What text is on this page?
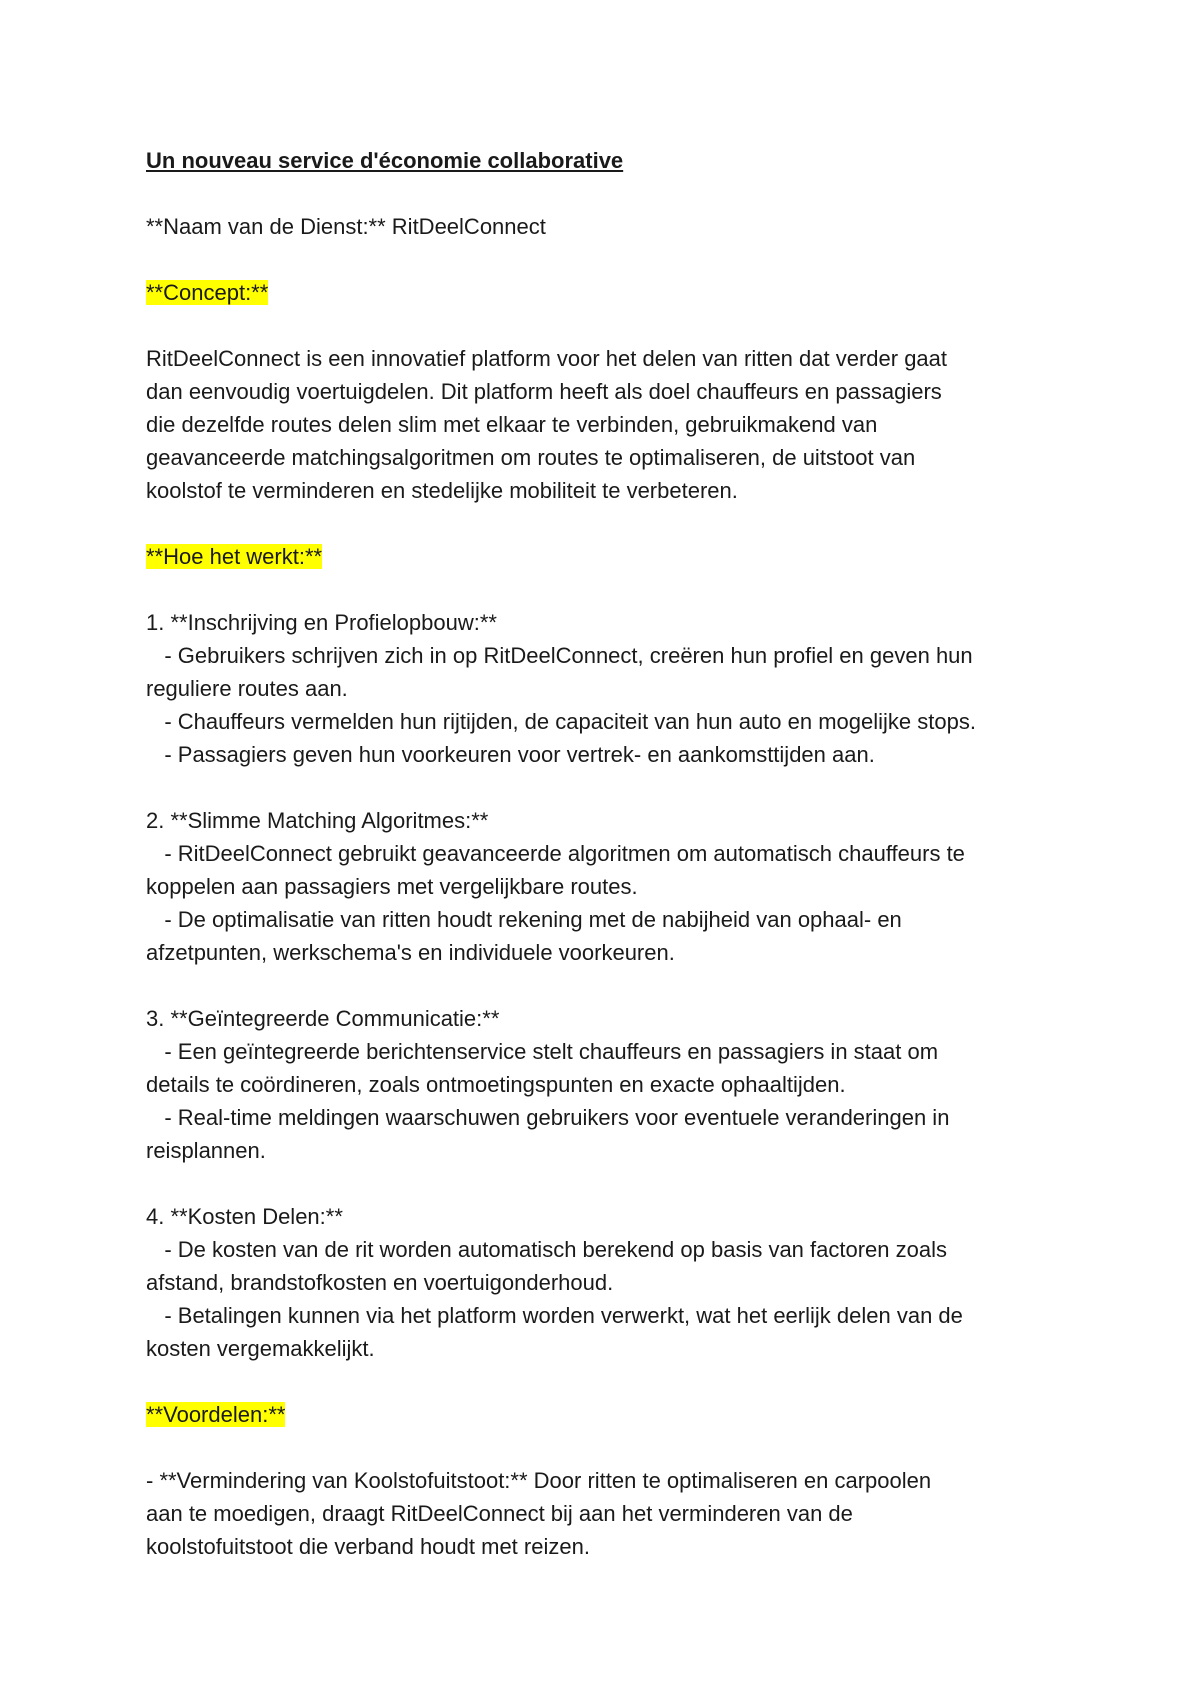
Un nouveau service d'économie collaborative

**Naam van de Dienst:** RitDeelConnect

**Concept:**

RitDeelConnect is een innovatief platform voor het delen van ritten dat verder gaat

dan eenvoudig voertuigdelen. Dit platform heeft als doel chauffeurs en passagiers

die dezelfde routes delen slim met elkaar te verbinden, gebruikmakend van

geavanceerde matchingsalgoritmen om routes te optimaliseren, de uitstoot van

koolstof te verminderen en stedelijke mobiliteit te verbeteren.

**Hoe het werkt:**

1. **Inschrijving en Profielopbouw:**

- Gebruikers schrijven zich in op RitDeelConnect, creëren hun profiel en geven hun

reguliere routes aan.

- Chauffeurs vermelden hun rijtijden, de capaciteit van hun auto en mogelijke stops.

- Passagiers geven hun voorkeuren voor vertrek- en aankomsttijden aan.

2. **Slimme Matching Algoritmes:**

- RitDeelConnect gebruikt geavanceerde algoritmen om automatisch chauffeurs te

koppelen aan passagiers met vergelijkbare routes.

- De optimalisatie van ritten houdt rekening met de nabijheid van ophaal- en

afzetpunten, werkschema's en individuele voorkeuren.

3. **Geïntegreerde Communicatie:**

- Een geïntegreerde berichtenservice stelt chauffeurs en passagiers in staat om

details te coördineren, zoals ontmoetingspunten en exacte ophaaltijden.

- Real-time meldingen waarschuwen gebruikers voor eventuele veranderingen in

reisplannen.

4. **Kosten Delen:**

- De kosten van de rit worden automatisch berekend op basis van factoren zoals

afstand, brandstofkosten en voertuigonderhoud.

- Betalingen kunnen via het platform worden verwerkt, wat het eerlijk delen van de

kosten vergemakkelijkt.

**Voordelen:**

- **Vermindering van Koolstofuitstoot:** Door ritten te optimaliseren en carpoolen

aan te moedigen, draagt RitDeelConnect bij aan het verminderen van de

koolstofuitstoot die verband houdt met reizen.
